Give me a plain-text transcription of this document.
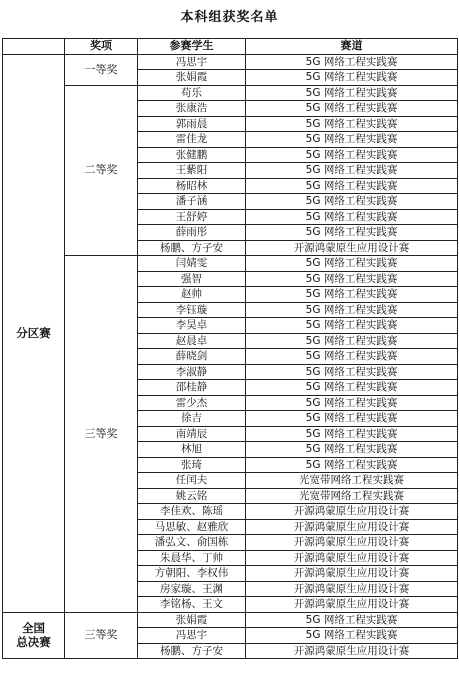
本科组获奖名单
	奖项	参赛学生	赛道
分区赛	一等奖	冯思宇	5G 网络工程实践赛
		张娟霞	5G 网络工程实践赛
	二等奖	苟乐	5G 网络工程实践赛
		张康浩	5G 网络工程实践赛
		郭雨晨	5G 网络工程实践赛
		雷佳龙	5G 网络工程实践赛
		张健鹏	5G 网络工程实践赛
		王紫阳	5G 网络工程实践赛
		杨昭林	5G 网络工程实践赛
		潘子涵	5G 网络工程实践赛
		王舒婷	5G 网络工程实践赛
		薛雨彤	5G 网络工程实践赛
		杨鹏、方子安	开源鸿蒙原生应用设计赛
	三等奖	闫婧雯	5G 网络工程实践赛
		强智	5G 网络工程实践赛
		赵帅	5G 网络工程实践赛
		李钰璇	5G 网络工程实践赛
		李昊卓	5G 网络工程实践赛
		赵晨卓	5G 网络工程实践赛
		薛晓剑	5G 网络工程实践赛
		李淑静	5G 网络工程实践赛
		邵桂静	5G 网络工程实践赛
		雷少杰	5G 网络工程实践赛
		徐吉	5G 网络工程实践赛
		南靖辰	5G 网络工程实践赛
		林旭	5G 网络工程实践赛
		张琦	5G 网络工程实践赛
		任闰夫	光宽带网络工程实践赛
		姚云铭	光宽带网络工程实践赛
		李佳欢、陈瑶	开源鸿蒙原生应用设计赛
		马思敏、赵雅欣	开源鸿蒙原生应用设计赛
		潘弘文、俞国栋	开源鸿蒙原生应用设计赛
		朱晨华、丁帅	开源鸿蒙原生应用设计赛
		方朝阳、李权伟	开源鸿蒙原生应用设计赛
		房家璇、王渊	开源鸿蒙原生应用设计赛
		李铭杨、王文	开源鸿蒙原生应用设计赛
全国
总决赛	三等奖	张娟霞	5G 网络工程实践赛
		冯思宇	5G 网络工程实践赛
		杨鹏、方子安	开源鸿蒙原生应用设计赛
